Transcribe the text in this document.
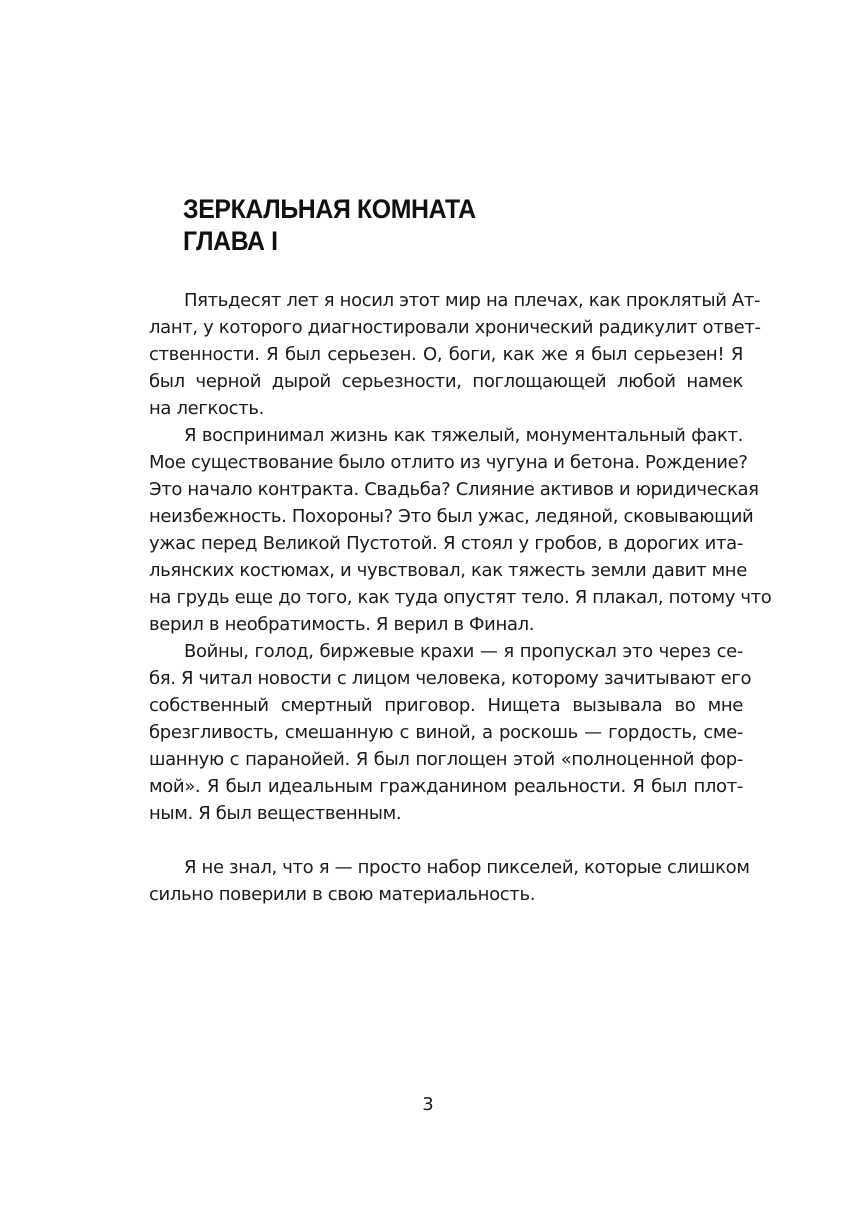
ЗЕРКАЛЬНАЯ КОМНАТА
ГЛАВА I
Пятьдесят лет я носил этот мир на плечах, как проклятый Ат-
лант, у которого диагностировали хронический радикулит ответ-
ственности. Я был серьезен. О, боги, как же я был серьезен! Я
был черной дырой серьезности, поглощающей любой намек
на легкость.
Я воспринимал жизнь как тяжелый, монументальный факт.
Мое существование было отлито из чугуна и бетона. Рождение?
Это начало контракта. Свадьба? Слияние активов и юридическая
неизбежность. Похороны? Это был ужас, ледяной, сковывающий
ужас перед Великой Пустотой. Я стоял у гробов, в дорогих ита-
льянских костюмах, и чувствовал, как тяжесть земли давит мне
на грудь еще до того, как туда опустят тело. Я плакал, потому что
верил в необратимость. Я верил в Финал.
Войны, голод, биржевые крахи — я пропускал это через се-
бя. Я читал новости с лицом человека, которому зачитывают его
собственный смертный приговор. Нищета вызывала во мне
брезгливость, смешанную с виной, а роскошь — гордость, сме-
шанную с паранойей. Я был поглощен этой «полноценной фор-
мой». Я был идеальным гражданином реальности. Я был плот-
ным. Я был вещественным.
Я не знал, что я — просто набор пикселей, которые слишком
сильно поверили в свою материальность.
3
